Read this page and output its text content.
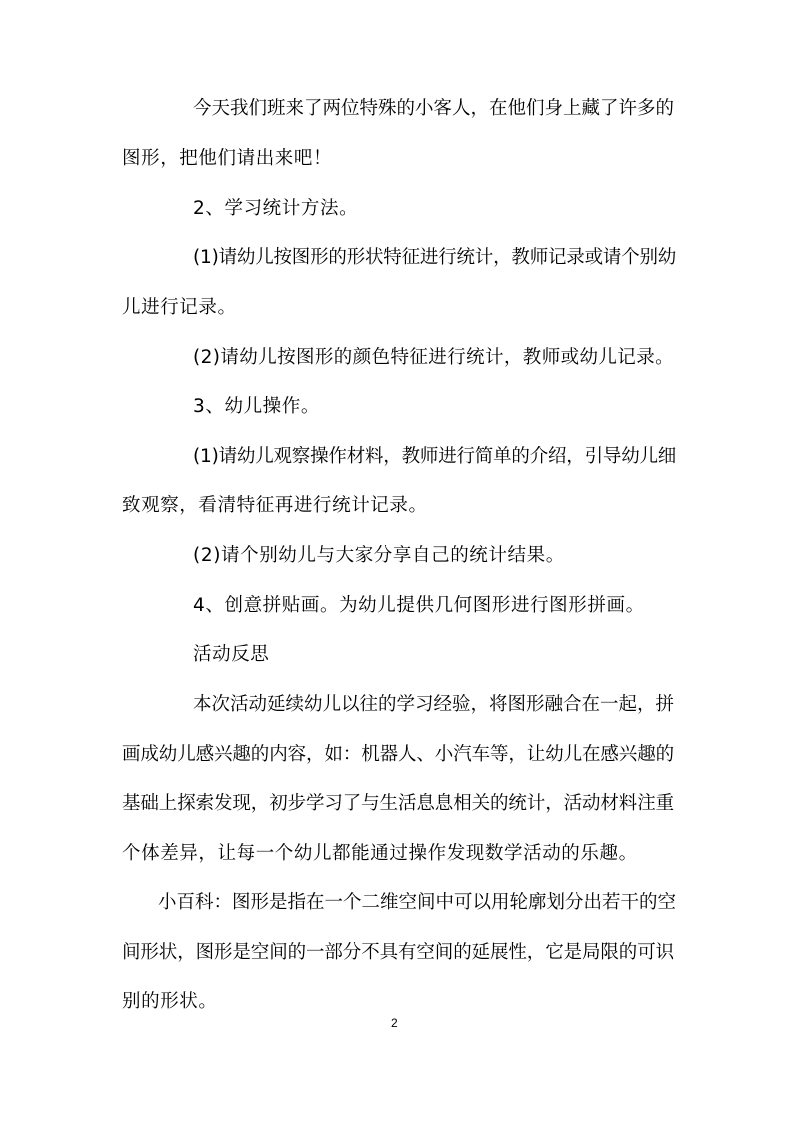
今天我们班来了两位特殊的小客人，在他们身上藏了许多的
图形，把他们请出来吧！
2、学习统计方法。
(1)请幼儿按图形的形状特征进行统计，教师记录或请个别幼
儿进行记录。
(2)请幼儿按图形的颜色特征进行统计，教师或幼儿记录。
3、幼儿操作。
(1)请幼儿观察操作材料，教师进行简单的介绍，引导幼儿细
致观察，看清特征再进行统计记录。
(2)请个别幼儿与大家分享自己的统计结果。
4、创意拼贴画。为幼儿提供几何图形进行图形拼画。
活动反思
本次活动延续幼儿以往的学习经验，将图形融合在一起，拼
画成幼儿感兴趣的内容，如：机器人、小汽车等，让幼儿在感兴趣的
基础上探索发现，初步学习了与生活息息相关的统计，活动材料注重
个体差异，让每一个幼儿都能通过操作发现数学活动的乐趣。
小百科：图形是指在一个二维空间中可以用轮廓划分出若干的空
间形状，图形是空间的一部分不具有空间的延展性，它是局限的可识
别的形状。
2
